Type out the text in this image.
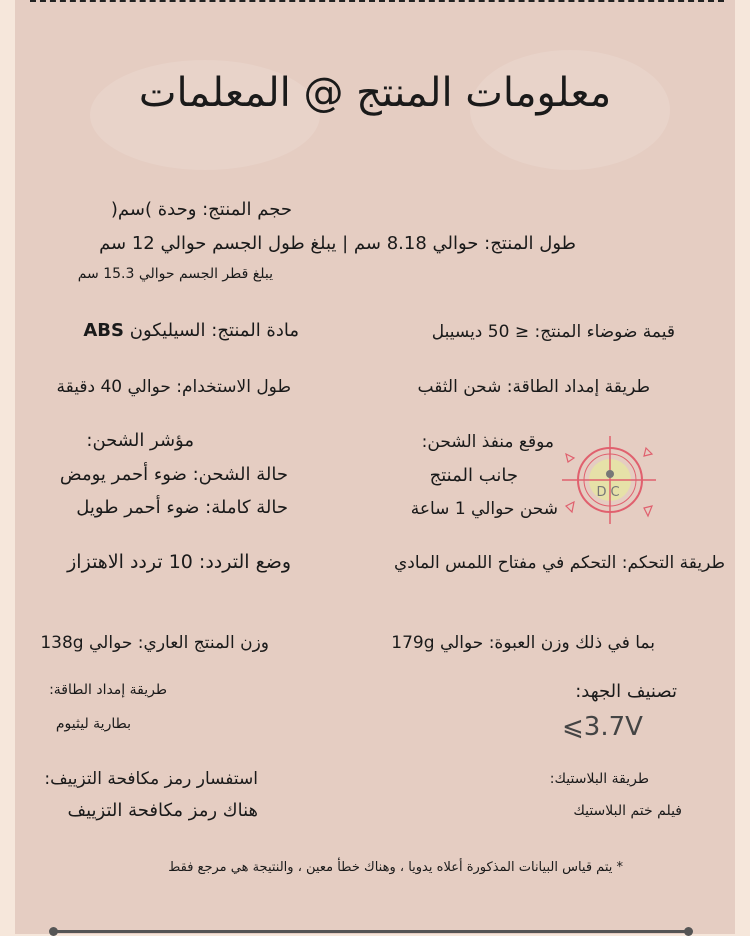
معلومات المنتج @ المعلمات
حجم المنتج: وحدة )سم(
طول المنتج: حوالي 8.18 سم | يبلغ طول الجسم حوالي 12 سم
يبلغ قطر الجسم حوالي 15.3 سم
مادة المنتج: السيليكون ABS	قيمة ضوضاء المنتج: ≤ 50 ديسيبل
طول الاستخدام: حوالي 40 دقيقة	طريقة إمداد الطاقة: شحن الثقب
مؤشر الشحن:
حالة الشحن: ضوء أحمر يومض
حالة كاملة: ضوء أحمر طويل
موقع منفذ الشحن:
جانب المنتج
شحن حوالي 1 ساعة
DC
وضع التردد: 10 تردد الاهتزاز	طريقة التحكم: التحكم في مفتاح اللمس المادي
وزن المنتج العاري: حوالي 138g	بما في ذلك وزن العبوة: حوالي 179g
طريقة إمداد الطاقة:
بطارية ليثيوم
تصنيف الجهد:
⩽3.7V
استفسار رمز مكافحة التزييف:
هناك رمز مكافحة التزييف
طريقة البلاستيك:
فيلم ختم البلاستيك
* يتم قياس البيانات المذكورة أعلاه يدويا ، وهناك خطأ معين ، والنتيجة هي مرجع فقط
